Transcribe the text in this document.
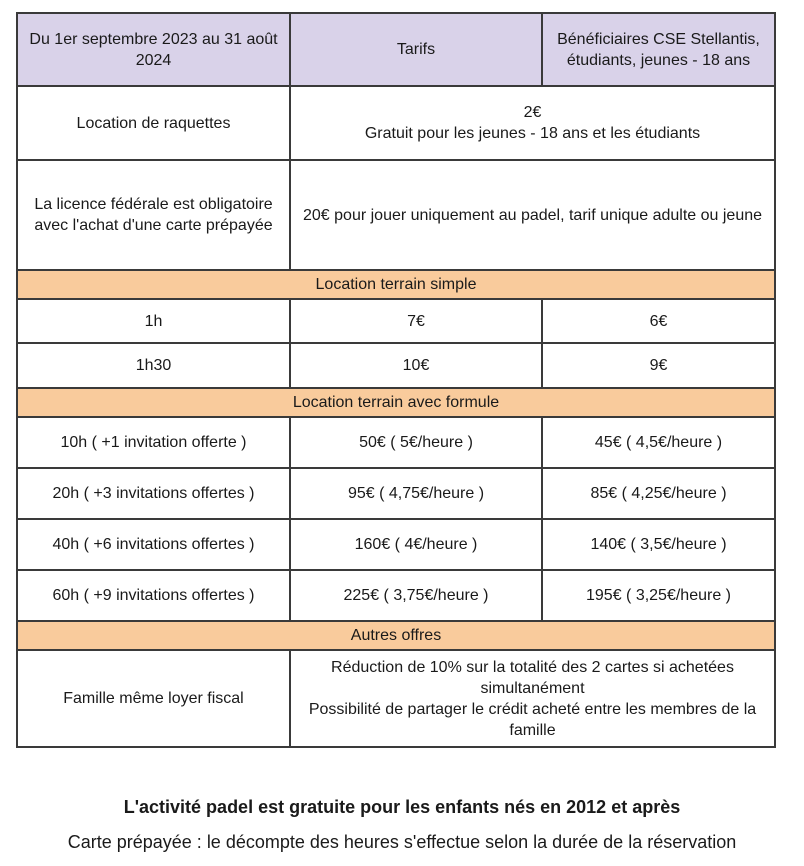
Du 1er septembre 2023 au 31 août 2024	Tarifs	Bénéficiaires CSE Stellantis, étudiants, jeunes - 18 ans
Location de raquettes	2€
Gratuit pour les jeunes - 18 ans et les étudiants	

La licence fédérale est obligatoire avec l'achat d'une carte prépayée	20€ pour jouer uniquement au padel, tarif unique adulte ou jeune	
Location terrain simple		
1h	7€	6€
1h30	10€	9€
Location terrain avec formule		
10h ( +1 invitation offerte )	50€ ( 5€/heure )	45€ ( 4,5€/heure )
20h ( +3 invitations offertes )	95€ ( 4,75€/heure )	85€ ( 4,25€/heure )
40h ( +6 invitations offertes )	160€ ( 4€/heure )	140€ ( 3,5€/heure )
60h ( +9 invitations offertes )	225€ ( 3,75€/heure )	195€ ( 3,25€/heure )
Autres offres		
Famille même loyer fiscal	Réduction de 10% sur la totalité des 2 cartes si achetées simultanément
Possibilité de partager le crédit acheté entre les membres de la famille	
L'activité padel est gratuite pour les enfants nés en 2012 et après
Carte prépayée : le décompte des heures s'effectue selon la durée de la réservation
